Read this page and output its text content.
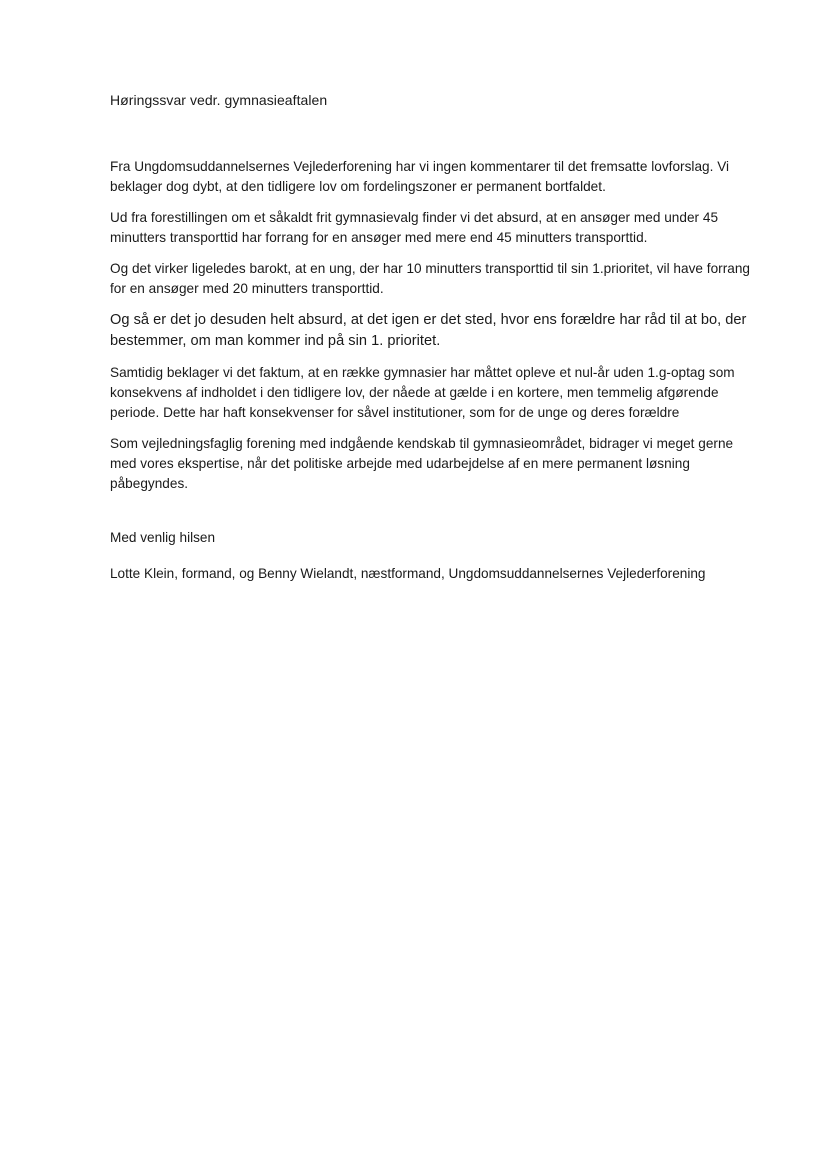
Høringssvar vedr. gymnasieaftalen

Fra Ungdomsuddannelsernes Vejlederforening har vi ingen kommentarer til det fremsatte lovforslag. Vi beklager dog dybt, at den tidligere lov om fordelingszoner er permanent bortfaldet.

Ud fra forestillingen om et såkaldt frit gymnasievalg finder vi det absurd, at en ansøger med under 45 minutters transporttid har forrang for en ansøger med mere end 45 minutters transporttid.

Og det virker ligeledes barokt, at en ung, der har 10 minutters transporttid til sin 1.prioritet, vil have forrang for en ansøger med 20 minutters transporttid.

Og så er det jo desuden helt absurd, at det igen er det sted, hvor ens forældre har råd til at bo, der bestemmer, om man kommer ind på sin 1. prioritet.

Samtidig beklager vi det faktum, at en række gymnasier har måttet opleve et nul-år uden 1.g-optag som konsekvens af indholdet i den tidligere lov, der nåede at gælde i en kortere, men temmelig afgørende periode. Dette har haft konsekvenser for såvel institutioner, som for de unge og deres forældre

Som vejledningsfaglig forening med indgående kendskab til gymnasieområdet, bidrager vi meget gerne med vores ekspertise, når det politiske arbejde med udarbejdelse af en mere permanent løsning påbegyndes.

Med venlig hilsen

Lotte Klein, formand, og Benny Wielandt, næstformand, Ungdomsuddannelsernes Vejlederforening
